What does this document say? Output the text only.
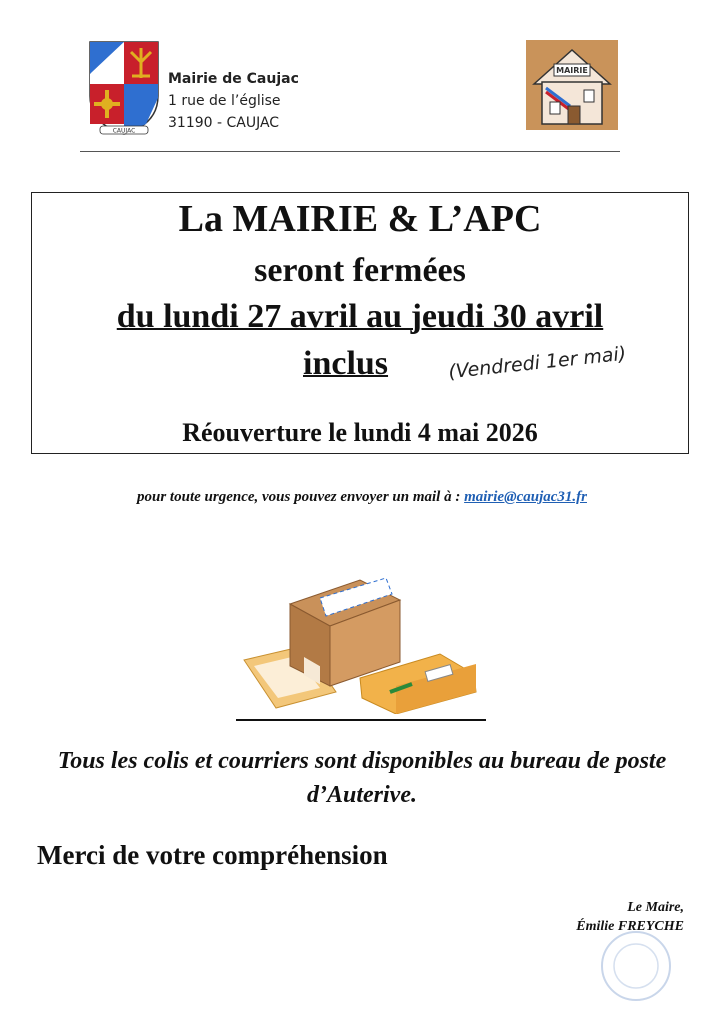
CAUJAC
Mairie de Caujac
1 rue de l’église
31190 - CAUJAC
MAIRIE
La MAIRIE & L’APC
seront fermées
du lundi 27 avril au jeudi 30 avril
inclus	(Vendredi 1er mai)
Réouverture le lundi 4 mai 2026
pour toute urgence, vous pouvez envoyer un mail à : mairie@caujac31.fr
Tous les colis et courriers sont disponibles au bureau de poste d’Auterive.
Merci de votre compréhension
Le Maire,
Émilie FREYCHE
